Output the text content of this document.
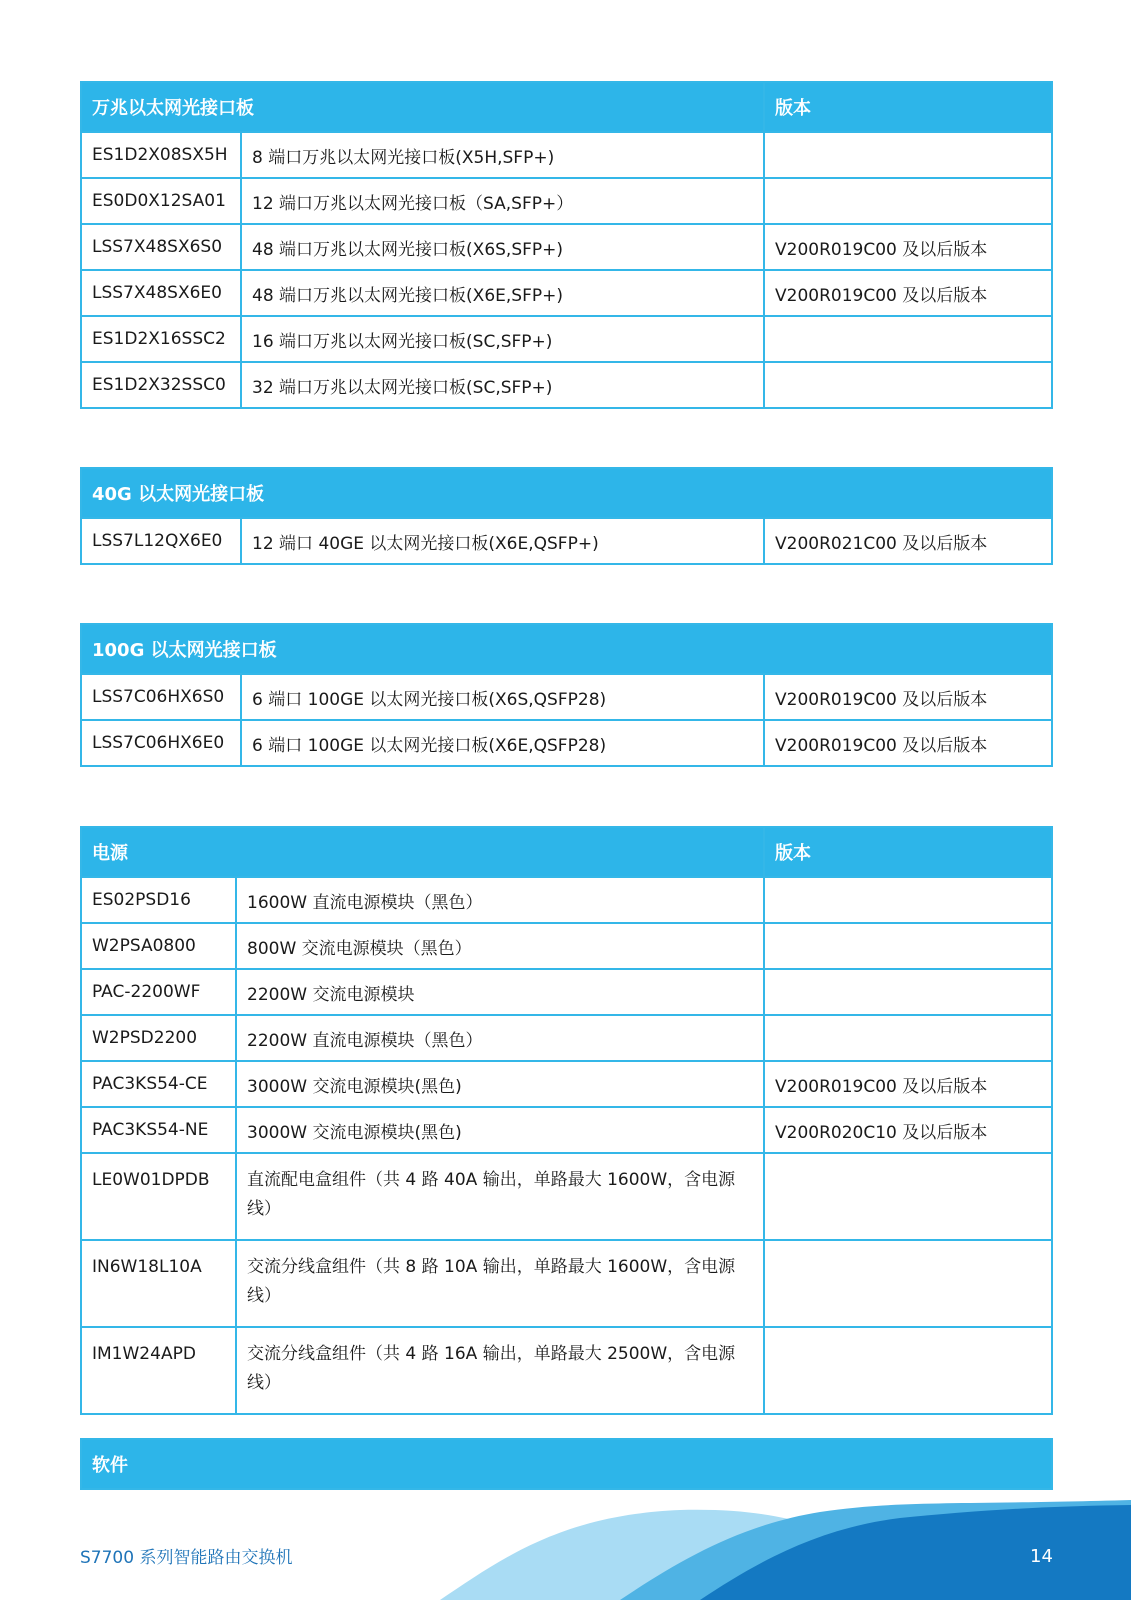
万兆以太网光接口板		版本
ES1D2X08SX5H	8 端口万兆以太网光接口板(X5H,SFP+)	
ES0D0X12SA01	12 端口万兆以太网光接口板（SA,SFP+）	
LSS7X48SX6S0	48 端口万兆以太网光接口板(X6S,SFP+)	V200R019C00 及以后版本
LSS7X48SX6E0	48 端口万兆以太网光接口板(X6E,SFP+)	V200R019C00 及以后版本
ES1D2X16SSC2	16 端口万兆以太网光接口板(SC,SFP+)	
ES1D2X32SSC0	32 端口万兆以太网光接口板(SC,SFP+)	
40G 以太网光接口板
LSS7L12QX6E0	12 端口 40GE 以太网光接口板(X6E,QSFP+)	V200R021C00 及以后版本
100G 以太网光接口板		
LSS7C06HX6S0	6 端口 100GE 以太网光接口板(X6S,QSFP28)	V200R019C00 及以后版本
LSS7C06HX6E0	6 端口 100GE 以太网光接口板(X6E,QSFP28)	V200R019C00 及以后版本
电源		版本
ES02PSD16	1600W 直流电源模块（黑色）	
W2PSA0800	800W 交流电源模块（黑色）	
PAC-2200WF	2200W 交流电源模块	
W2PSD2200	2200W 直流电源模块（黑色）	
PAC3KS54-CE	3000W 交流电源模块(黑色)	V200R019C00 及以后版本
PAC3KS54-NE	3000W 交流电源模块(黑色)	V200R020C10 及以后版本
LE0W01DPDB	直流配电盒组件（共 4 路 40A 输出，单路最大 1600W，含电源线）	
IN6W18L10A	交流分线盒组件（共 8 路 10A 输出，单路最大 1600W，含电源线）	
IM1W24APD	交流分线盒组件（共 4 路 16A 输出，单路最大 2500W，含电源线）	
软件
S7700 系列智能路由交换机	14
